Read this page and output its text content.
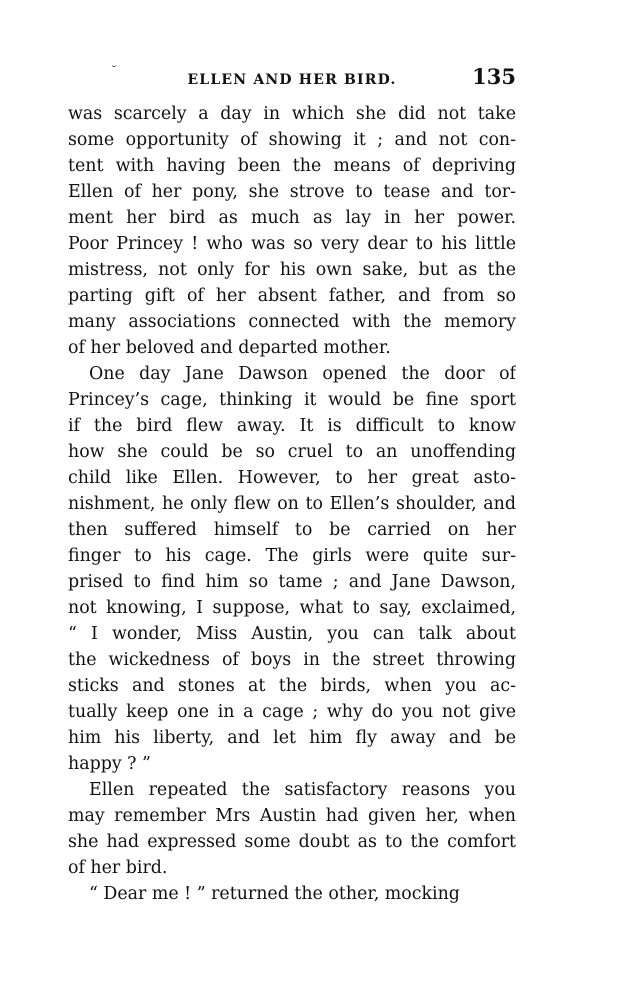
˘
ELLEN AND HER BIRD.	135
was scarcely a day in which she did not take
some opportunity of showing it ; and not con-
tent with having been the means of depriving
Ellen of her pony, she strove to tease and tor-
ment her bird as much as lay in her power.
Poor Princey ! who was so very dear to his little
mistress, not only for his own sake, but as the
parting gift of her absent father, and from so
many associations connected with the memory
of her beloved and departed mother.
One day Jane Dawson opened the door of
Princey’s cage, thinking it would be fine sport
if the bird flew away. It is difficult to know
how she could be so cruel to an unoffending
child like Ellen. However, to her great asto-
nishment, he only flew on to Ellen’s shoulder, and
then suffered himself to be carried on her
finger to his cage. The girls were quite sur-
prised to find him so tame ; and Jane Dawson,
not knowing, I suppose, what to say, exclaimed,
“ I wonder, Miss Austin, you can talk about
the wickedness of boys in the street throwing
sticks and stones at the birds, when you ac-
tually keep one in a cage ; why do you not give
him his liberty, and let him fly away and be
happy ? ”
Ellen repeated the satisfactory reasons you
may remember Mrs Austin had given her, when
she had expressed some doubt as to the comfort
of her bird.
“ Dear me ! ” returned the other, mocking
